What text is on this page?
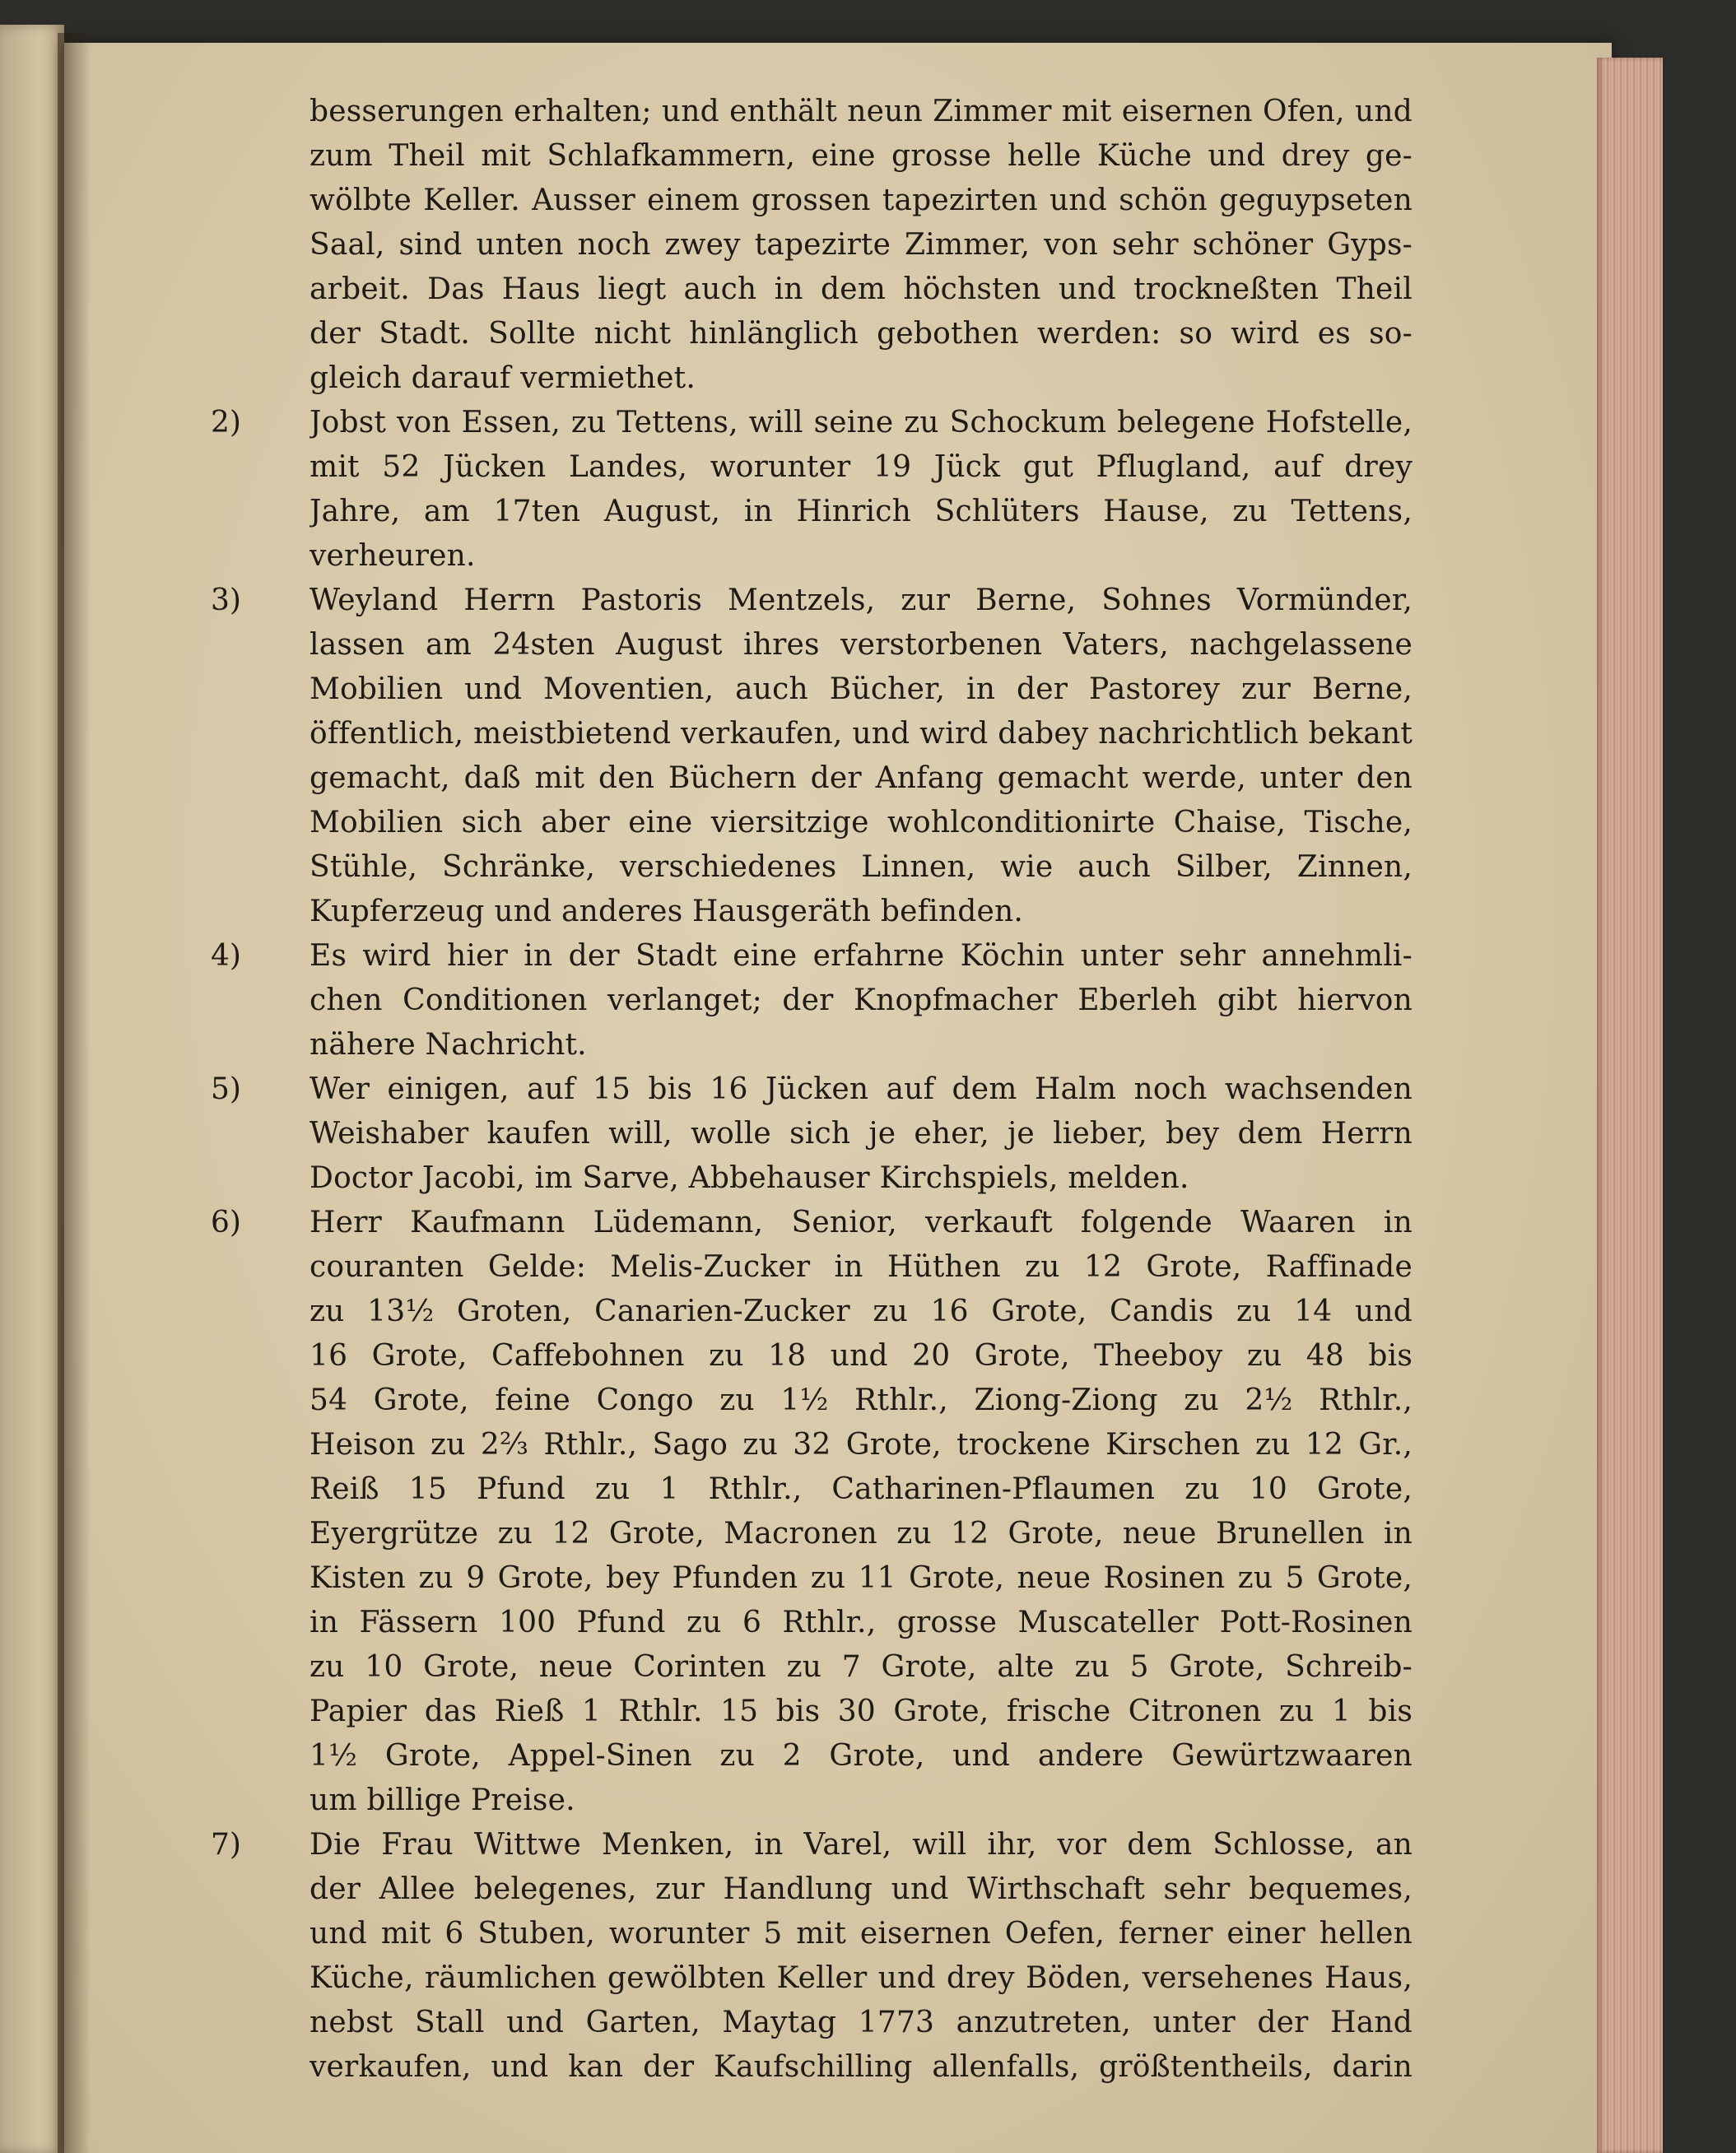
besserungen erhalten; und enthält neun Zimmer mit eisernen Ofen, und
zum Theil mit Schlafkammern, eine grosse helle Küche und drey ge-
wölbte Keller. Ausser einem grossen tapezirten und schön geguypseten
Saal, sind unten noch zwey tapezirte Zimmer, von sehr schöner Gyps-
arbeit. Das Haus liegt auch in dem höchsten und trockneßten Theil
der Stadt. Sollte nicht hinlänglich gebothen werden: so wird es so-
gleich darauf vermiethet.
Jobst von Essen, zu Tettens, will seine zu Schockum belegene Hofstelle,
mit 52 Jücken Landes, worunter 19 Jück gut Pflugland, auf drey
Jahre, am 17ten August, in Hinrich Schlüters Hause, zu Tettens,
verheuren.
Weyland Herrn Pastoris Mentzels, zur Berne, Sohnes Vormünder,
lassen am 24sten August ihres verstorbenen Vaters, nachgelassene
Mobilien und Moventien, auch Bücher, in der Pastorey zur Berne,
öffentlich, meistbietend verkaufen, und wird dabey nachrichtlich bekant
gemacht, daß mit den Büchern der Anfang gemacht werde, unter den
Mobilien sich aber eine viersitzige wohlconditionirte Chaise, Tische,
Stühle, Schränke, verschiedenes Linnen, wie auch Silber, Zinnen,
Kupferzeug und anderes Hausgeräth befinden.
Es wird hier in der Stadt eine erfahrne Köchin unter sehr annehmli-
chen Conditionen verlanget; der Knopfmacher Eberleh gibt hiervon
nähere Nachricht.
Wer einigen, auf 15 bis 16 Jücken auf dem Halm noch wachsenden
Weishaber kaufen will, wolle sich je eher, je lieber, bey dem Herrn
Doctor Jacobi, im Sarve, Abbehauser Kirchspiels, melden.
Herr Kaufmann Lüdemann, Senior, verkauft folgende Waaren in
couranten Gelde: Melis-Zucker in Hüthen zu 12 Grote, Raffinade
zu 13½ Groten, Canarien-Zucker zu 16 Grote, Candis zu 14 und
16 Grote, Caffebohnen zu 18 und 20 Grote, Theeboy zu 48 bis
54 Grote, feine Congo zu 1½ Rthlr., Ziong-Ziong zu 2½ Rthlr.,
Heison zu 2⅔ Rthlr., Sago zu 32 Grote, trockene Kirschen zu 12 Gr.,
Reiß 15 Pfund zu 1 Rthlr., Catharinen-Pflaumen zu 10 Grote,
Eyergrütze zu 12 Grote, Macronen zu 12 Grote, neue Brunellen in
Kisten zu 9 Grote, bey Pfunden zu 11 Grote, neue Rosinen zu 5 Grote,
in Fässern 100 Pfund zu 6 Rthlr., grosse Muscateller Pott-Rosinen
zu 10 Grote, neue Corinten zu 7 Grote, alte zu 5 Grote, Schreib-
Papier das Rieß 1 Rthlr. 15 bis 30 Grote, frische Citronen zu 1 bis
1½ Grote, Appel-Sinen zu 2 Grote, und andere Gewürtzwaaren
um billige Preise.
Die Frau Wittwe Menken, in Varel, will ihr, vor dem Schlosse, an
der Allee belegenes, zur Handlung und Wirthschaft sehr bequemes,
und mit 6 Stuben, worunter 5 mit eisernen Oefen, ferner einer hellen
Küche, räumlichen gewölbten Keller und drey Böden, versehenes Haus,
nebst Stall und Garten, Maytag 1773 anzutreten, unter der Hand
verkaufen, und kan der Kaufschilling allenfalls, größtentheils, darin
2)
3)
4)
5)
6)
7)
